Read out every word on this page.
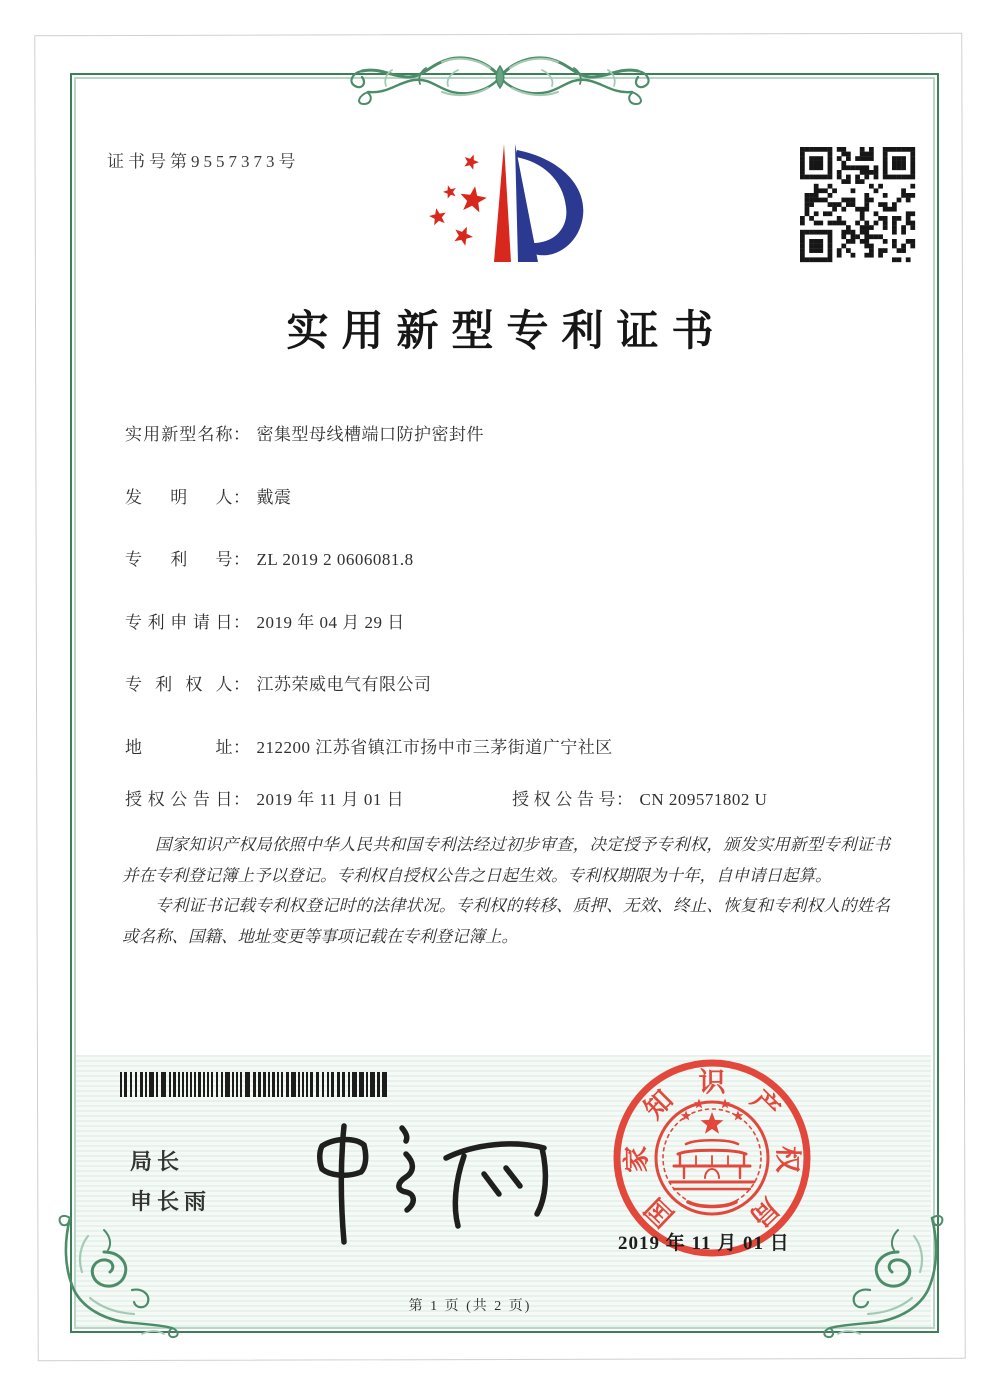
证书号第9557373号
实用新型专利证书
实用新型名称： 密集型母线槽端口防护密封件
发明人： 戴震
专利号： ZL 2019 2 0606081.8
专利申请日： 2019 年 04 月 29 日
专利权人： 江苏荣威电气有限公司
地址： 212200 江苏省镇江市扬中市三茅街道广宁社区
授权公告日： 2019 年 11 月 01 日	授权公告号： CN 209571802 U

国家知识产权局依照中华人民共和国专利法经过初步审查，决定授予专利权，颁发实用新型专利证书并在专利登记簿上予以登记。专利权自授权公告之日起生效。专利权期限为十年，自申请日起算。

专利证书记载专利权登记时的法律状况。专利权的转移、质押、无效、终止、恢复和专利权人的姓名或名称、国籍、地址变更等事项记载在专利登记簿上。

局长
申长雨	国
家
知
识
产
权
局
2019 年 11 月 01 日
第 1 页 (共 2 页)
